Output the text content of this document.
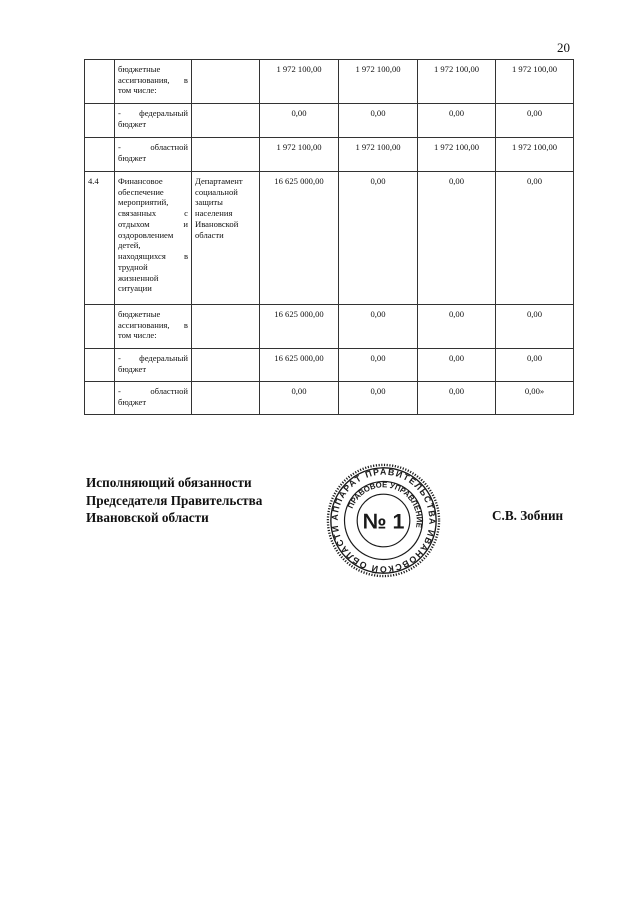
20
	бюджетные ассигнования, в том числе:		1 972 100,00	1 972 100,00	1 972 100,00	1 972 100,00
	- федеральный бюджет		0,00	0,00	0,00	0,00
	- областной бюджет		1 972 100,00	1 972 100,00	1 972 100,00	1 972 100,00
4.4	Финансовое обеспечение мероприятий, связанных с отдыхом и оздоровлением детей, находящихся в трудной жизненной ситуации	Департамент социальной защиты населения Ивановской области	16 625 000,00	0,00	0,00	0,00
	бюджетные ассигнования, в том числе:		16 625 000,00	0,00	0,00	0,00
	- федеральный бюджет		16 625 000,00	0,00	0,00	0,00
	- областной бюджет		0,00	0,00	0,00	0,00»
Исполняющий обязанности
Председателя Правительства
Ивановской области	АППАРАТ ПРАВИТЕЛЬСТВА ИВАНОВСКОЙ ОБЛАСТИ
ПРАВОВОЕ УПРАВЛЕНИЕ
№ 1	С.В. Зобнин
